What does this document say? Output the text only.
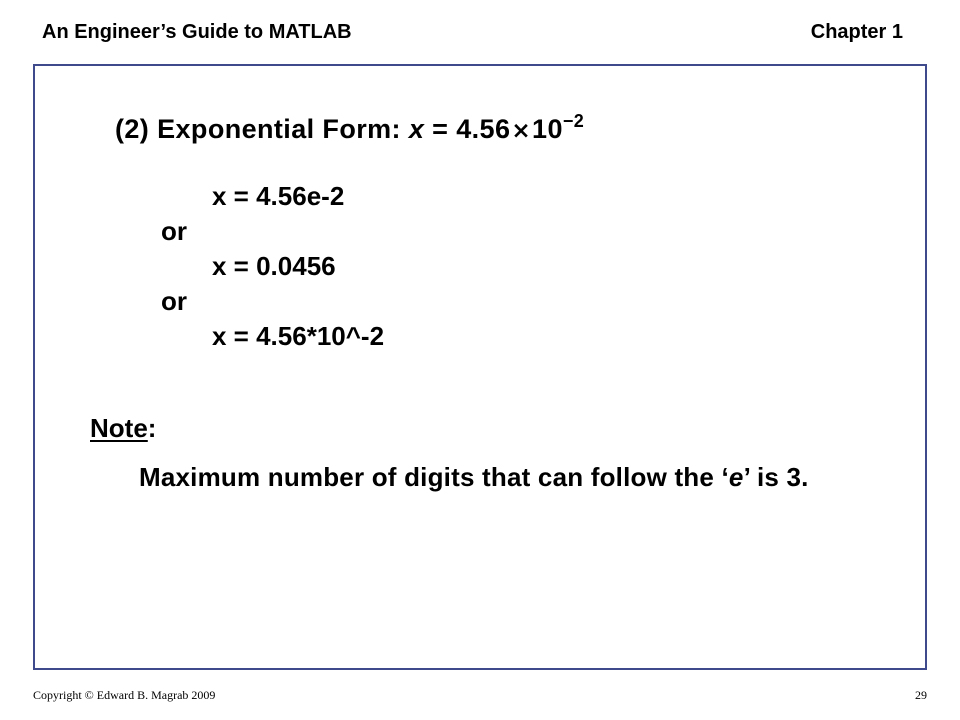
An Engineer’s Guide to MATLAB	Chapter 1
(2) Exponential Form: $x = 4.56\times 10^{-2}$
x = 4.56e-2
or
x = 0.0456
or
x = 4.56*10^-2
Note:
Maximum number of digits that can follow the ‘e’ is 3.
Copyright © Edward B. Magrab 2009	29
